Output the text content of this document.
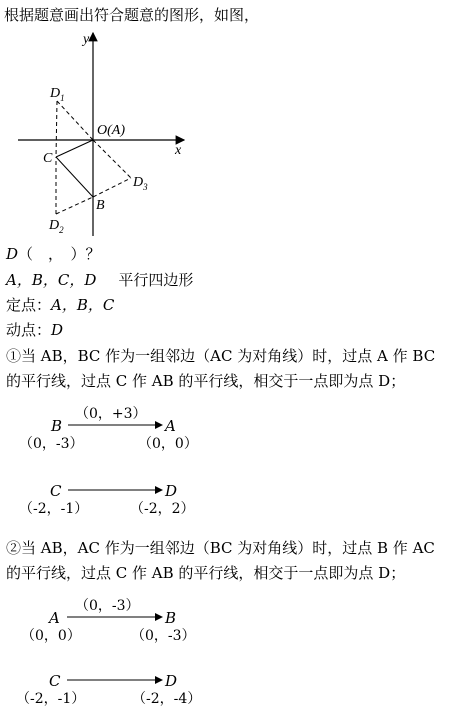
根据题意画出符合题意的图形，如图，
y
x
O(A)
$D_1$
C
$D_3$
B
$D_2$
D（　，　）？
A，B，C，D 平行四边形
定点：A，B，C
动点：D
①当 AB，BC 作为一组邻边（AC 为对角线）时，过点 A 作 BC
的平行线，过点 C 作 AB 的平行线，相交于一点即为点 D；
B
（0，+3）
A
（0，-3）	（0，0）
C	D
（-2，-1）	（-2，2）
②当 AB，AC 作为一组邻边（BC 为对角线）时，过点 B 作 AC
的平行线，过点 C 作 AB 的平行线，相交于一点即为点 D；
A
（0，-3）
B
（0，0）	（0，-3）
C	D
（-2，-1）	（-2，-4）
